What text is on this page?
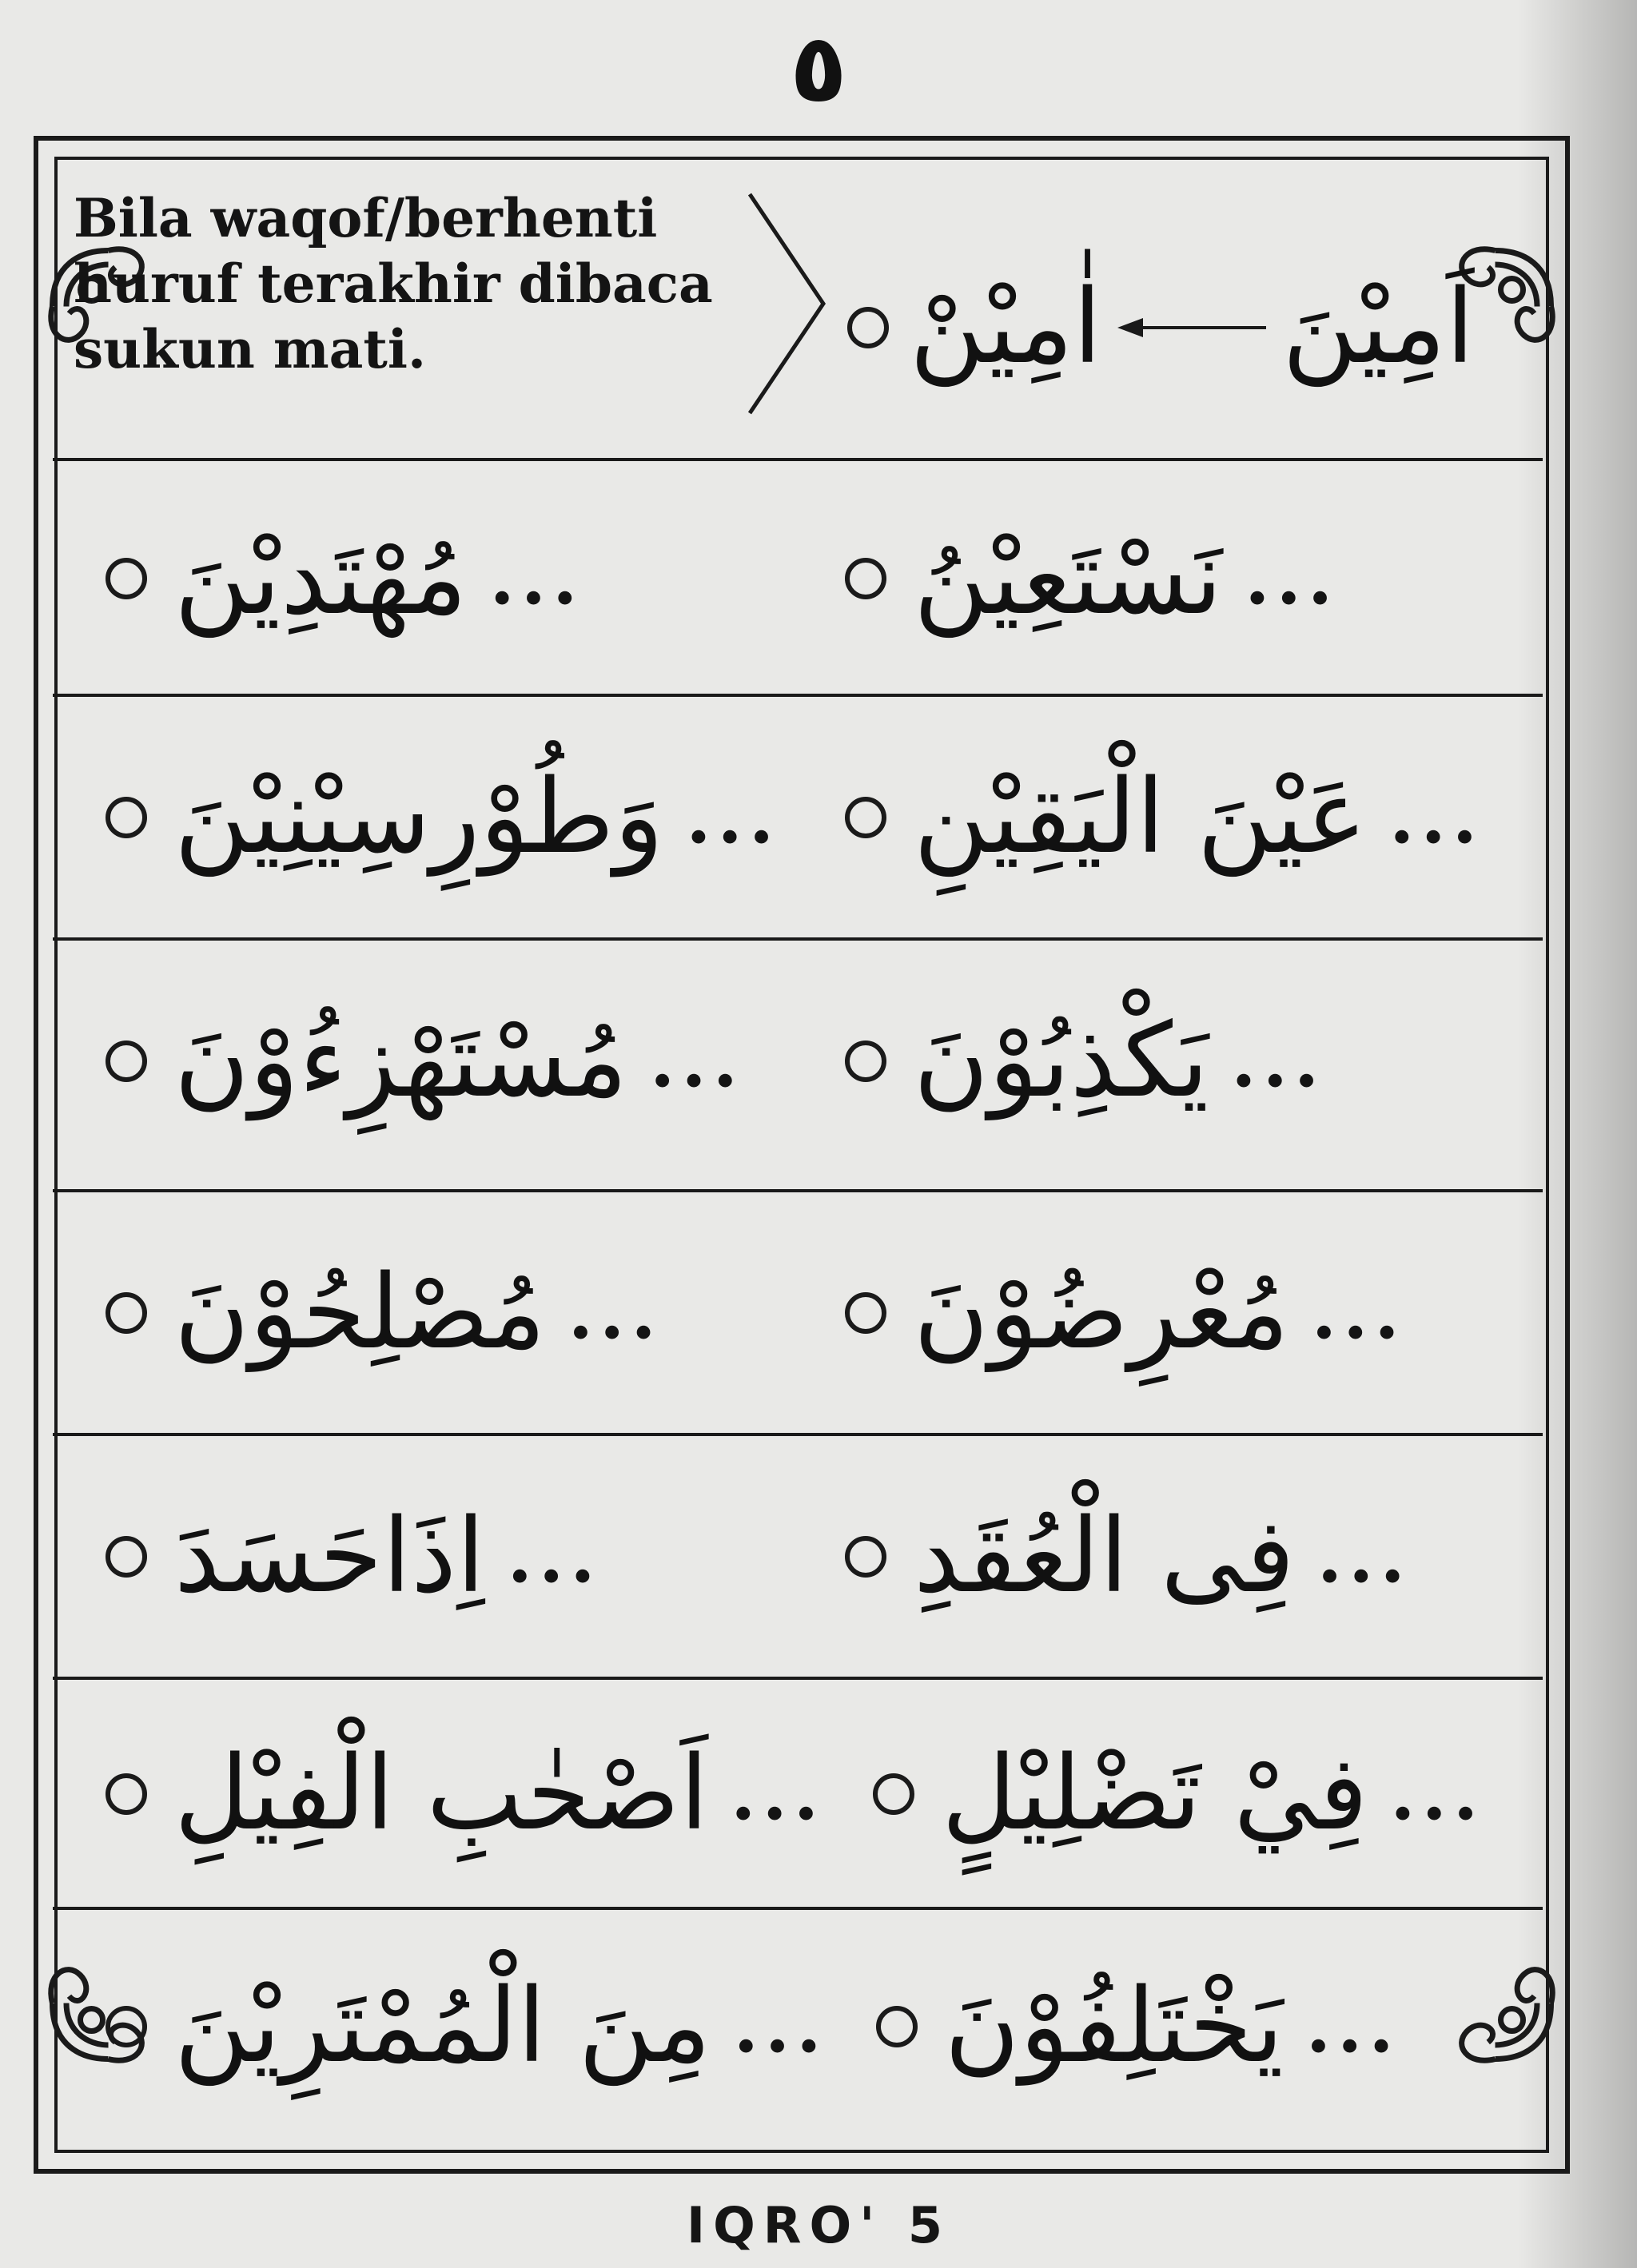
٥
Bila waqof/berhenti
huruf terakhir dibaca
sukun mati.	اٰمِيْنْ اَمِيْنَ
مُهْتَدِيْنَ ...	نَسْتَعِيْنُ ...
وَطُوْرِسِيْنِيْنَ ... عَيْنَ الْيَقِيْنِ ...
مُسْتَهْزِءُوْنَ ... يَكْذِبُوْنَ ...
مُصْلِحُوْنَ ... مُعْرِضُوْنَ ...
اِذَاحَسَدَ ...	فِى الْعُقَدِ ...
اَصْحٰبِ الْفِيْلِ ... فِيْ تَضْلِيْلٍ ...
مِنَ الْمُمْتَرِيْنَ ... يَخْتَلِفُوْنَ ...
IQRO' 5
